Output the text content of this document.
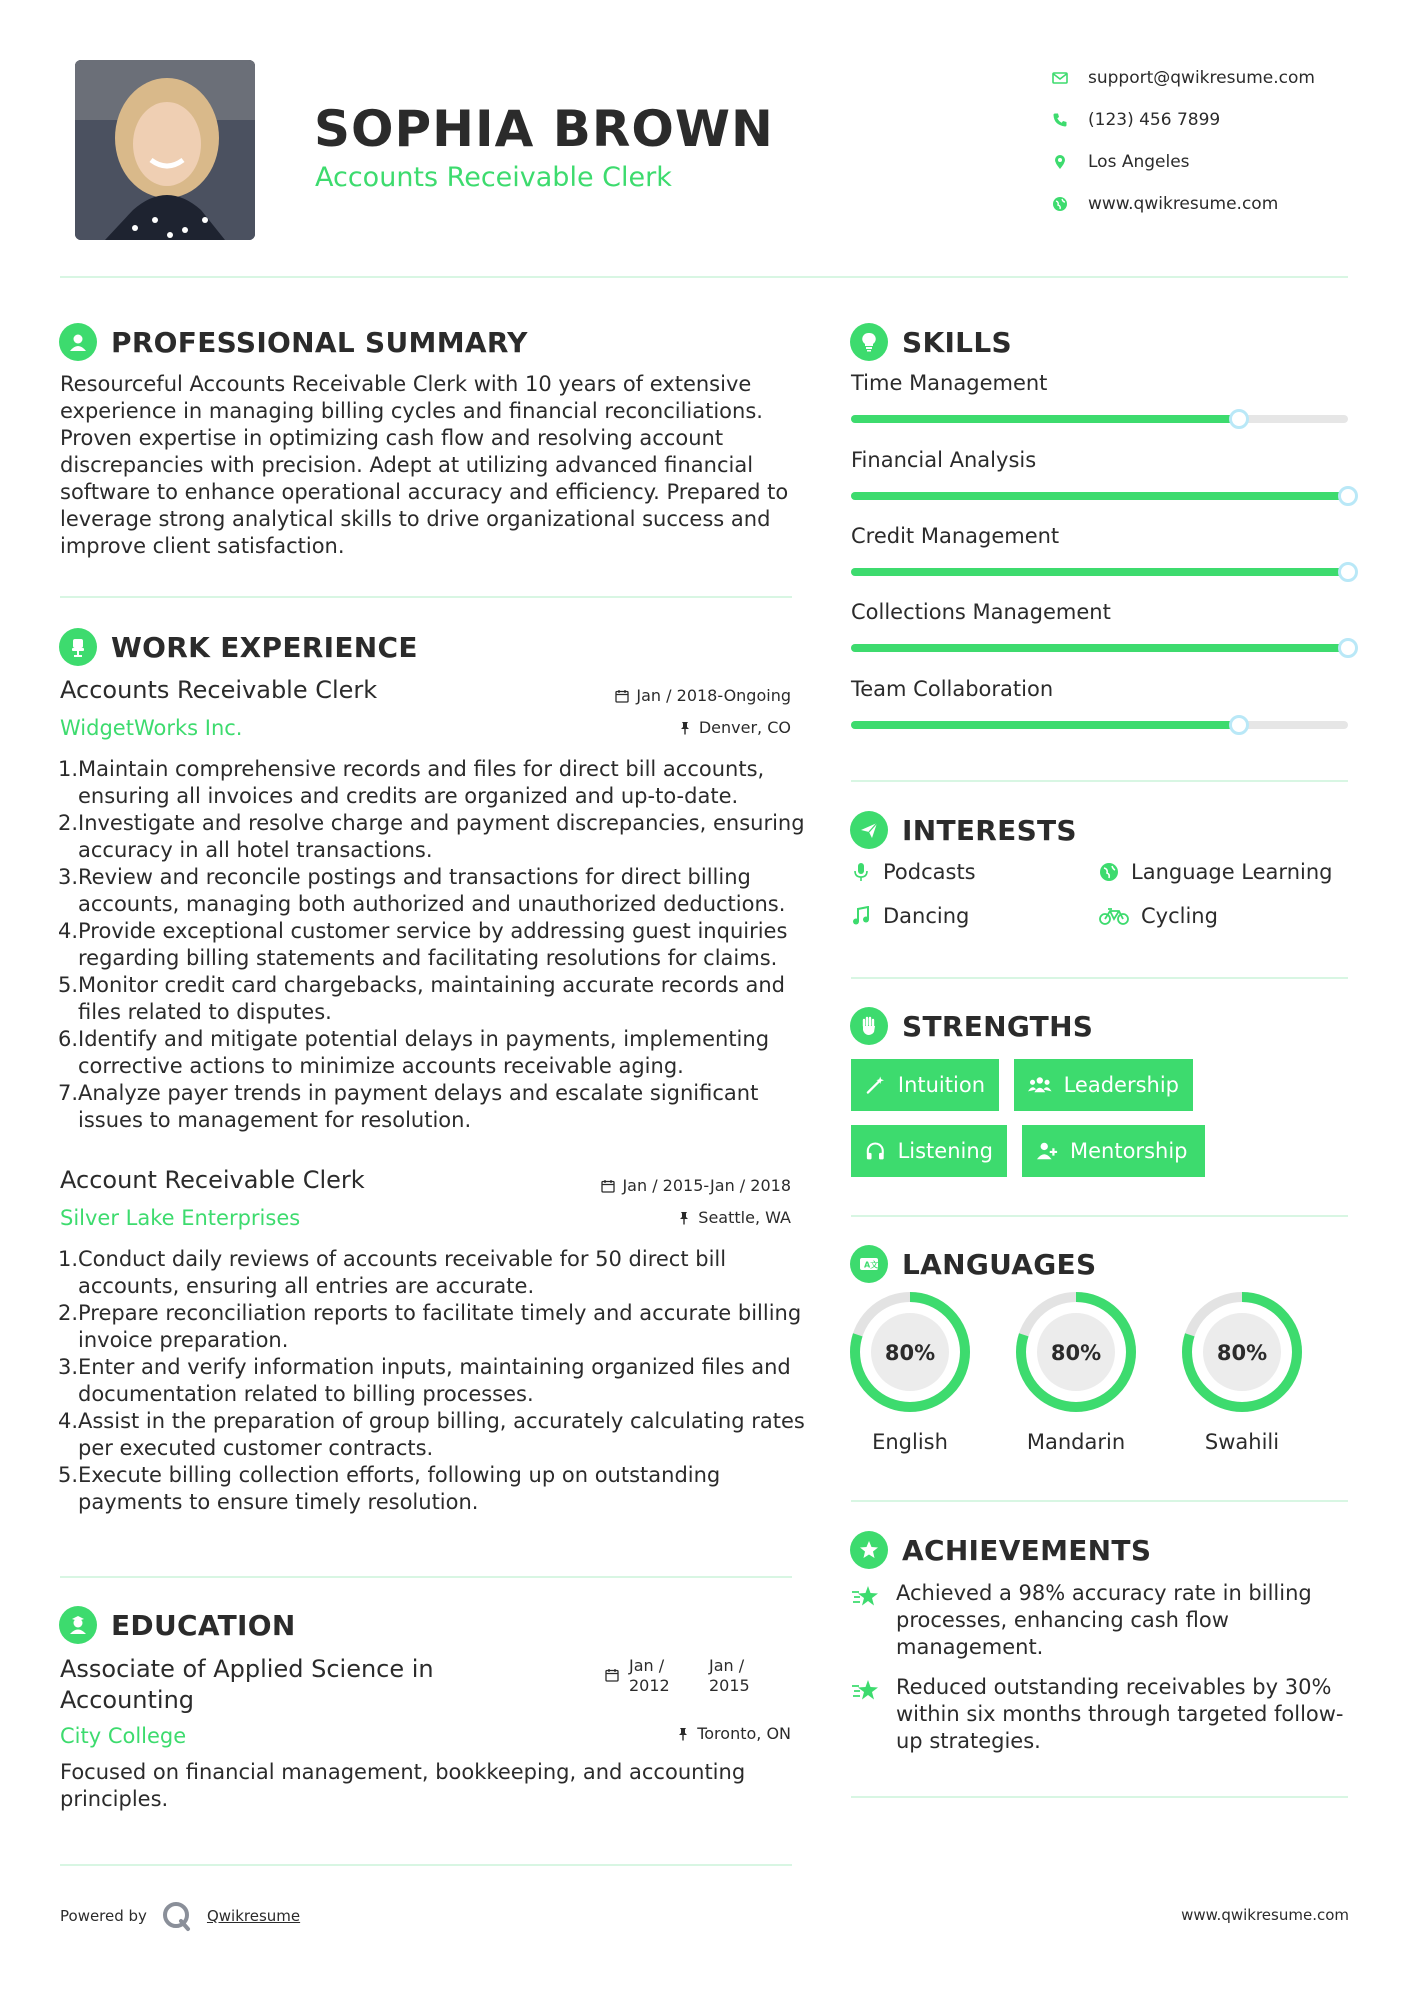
SOPHIA BROWN
Accounts Receivable Clerk
support@qwikresume.com
(123) 456 7899
Los Angeles
www.qwikresume.com
PROFESSIONAL SUMMARY
Resourceful Accounts Receivable Clerk with 10 years of extensive experience in managing billing cycles and financial reconciliations. Proven expertise in optimizing cash flow and resolving account discrepancies with precision. Adept at utilizing advanced financial software to enhance operational accuracy and efficiency. Prepared to leverage strong analytical skills to drive organizational success and improve client satisfaction.
WORK EXPERIENCE
Accounts Receivable Clerk	Jan / 2018-Ongoing
WidgetWorks Inc.	Denver, CO
1. Maintain comprehensive records and files for direct bill accounts, ensuring all invoices and credits are organized and up-to-date.
2. Investigate and resolve charge and payment discrepancies, ensuring accuracy in all hotel transactions.
3. Review and reconcile postings and transactions for direct billing accounts, managing both authorized and unauthorized deductions.
4. Provide exceptional customer service by addressing guest inquiries regarding billing statements and facilitating resolutions for claims.
5. Monitor credit card chargebacks, maintaining accurate records and files related to disputes.
6. Identify and mitigate potential delays in payments, implementing corrective actions to minimize accounts receivable aging.
7. Analyze payer trends in payment delays and escalate significant issues to management for resolution.
Account Receivable Clerk	Jan / 2015-Jan / 2018
Silver Lake Enterprises	Seattle, WA
1. Conduct daily reviews of accounts receivable for 50 direct bill accounts, ensuring all entries are accurate.
2. Prepare reconciliation reports to facilitate timely and accurate billing invoice preparation.
3. Enter and verify information inputs, maintaining organized files and documentation related to billing processes.
4. Assist in the preparation of group billing, accurately calculating rates per executed customer contracts.
5. Execute billing collection efforts, following up on outstanding payments to ensure timely resolution.
EDUCATION
Associate of Applied Science in Accounting
Jan / 2012
Jan / 2015
City College	Toronto, ON
Focused on financial management, bookkeeping, and accounting principles.
SKILLS
Time Management
Financial Analysis
Credit Management
Collections Management
Team Collaboration
INTERESTS
Podcasts	Language Learning
Dancing	Cycling
STRENGTHS
Intuition	Leadership
Listening	Mentorship
A文 LANGUAGES
80%
English
80%
Mandarin
80%
Swahili
ACHIEVEMENTS
Achieved a 98% accuracy rate in billing processes, enhancing cash flow management.
Reduced outstanding receivables by 30% within six months through targeted follow-up strategies.
Powered by	Qwikresume	www.qwikresume.com
